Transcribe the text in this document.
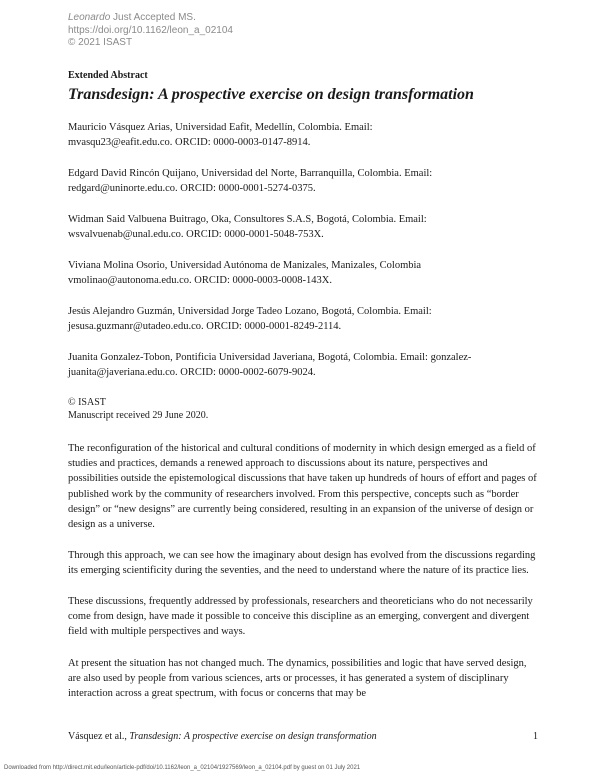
Leonardo Just Accepted MS.
https://doi.org/10.1162/leon_a_02104
© 2021 ISAST
Extended Abstract
Transdesign: A prospective exercise on design transformation
Mauricio Vásquez Arias, Universidad Eafit, Medellín, Colombia. Email:
mvasqu23@eafit.edu.co. ORCID: 0000-0003-0147-8914.
Edgard David Rincón Quijano, Universidad del Norte, Barranquilla, Colombia. Email:
redgard@uninorte.edu.co. ORCID: 0000-0001-5274-0375.
Widman Said Valbuena Buitrago, Oka, Consultores S.A.S, Bogotá, Colombia. Email:
wsvalvuenab@unal.edu.co. ORCID: 0000-0001-5048-753X.
Viviana Molina Osorio, Universidad Autónoma de Manizales, Manizales, Colombia
vmolinao@autonoma.edu.co. ORCID: 0000-0003-0008-143X.
Jesús Alejandro Guzmán, Universidad Jorge Tadeo Lozano, Bogotá, Colombia. Email:
jesusa.guzmanr@utadeo.edu.co. ORCID: 0000-0001-8249-2114.
Juanita Gonzalez-Tobon, Pontificia Universidad Javeriana, Bogotá, Colombia. Email: gonzalez-
juanita@javeriana.edu.co. ORCID: 0000-0002-6079-9024.
© ISAST
Manuscript received 29 June 2020.
The reconfiguration of the historical and cultural conditions of modernity in which design emerged as a field of studies and practices, demands a renewed approach to discussions about its nature, perspectives and possibilities outside the epistemological discussions that have taken up hundreds of hours of effort and pages of published work by the community of researchers involved. From this perspective, concepts such as “border design” or “new designs” are currently being considered, resulting in an expansion of the universe of design or design as a universe.
Through this approach, we can see how the imaginary about design has evolved from the discussions regarding its emerging scientificity during the seventies, and the need to understand where the nature of its practice lies.
These discussions, frequently addressed by professionals, researchers and theoreticians who do not necessarily come from design, have made it possible to conceive this discipline as an emerging, convergent and divergent field with multiple perspectives and ways.
At present the situation has not changed much. The dynamics, possibilities and logic that have served design, are also used by people from various sciences, arts or processes, it has generated a system of disciplinary interaction across a great spectrum, with focus or concerns that may be
Vásquez et al., Transdesign: A prospective exercise on design transformation	1
Downloaded from http://direct.mit.edu/leon/article-pdf/doi/10.1162/leon_a_02104/1927569/leon_a_02104.pdf by guest on 01 July 2021
